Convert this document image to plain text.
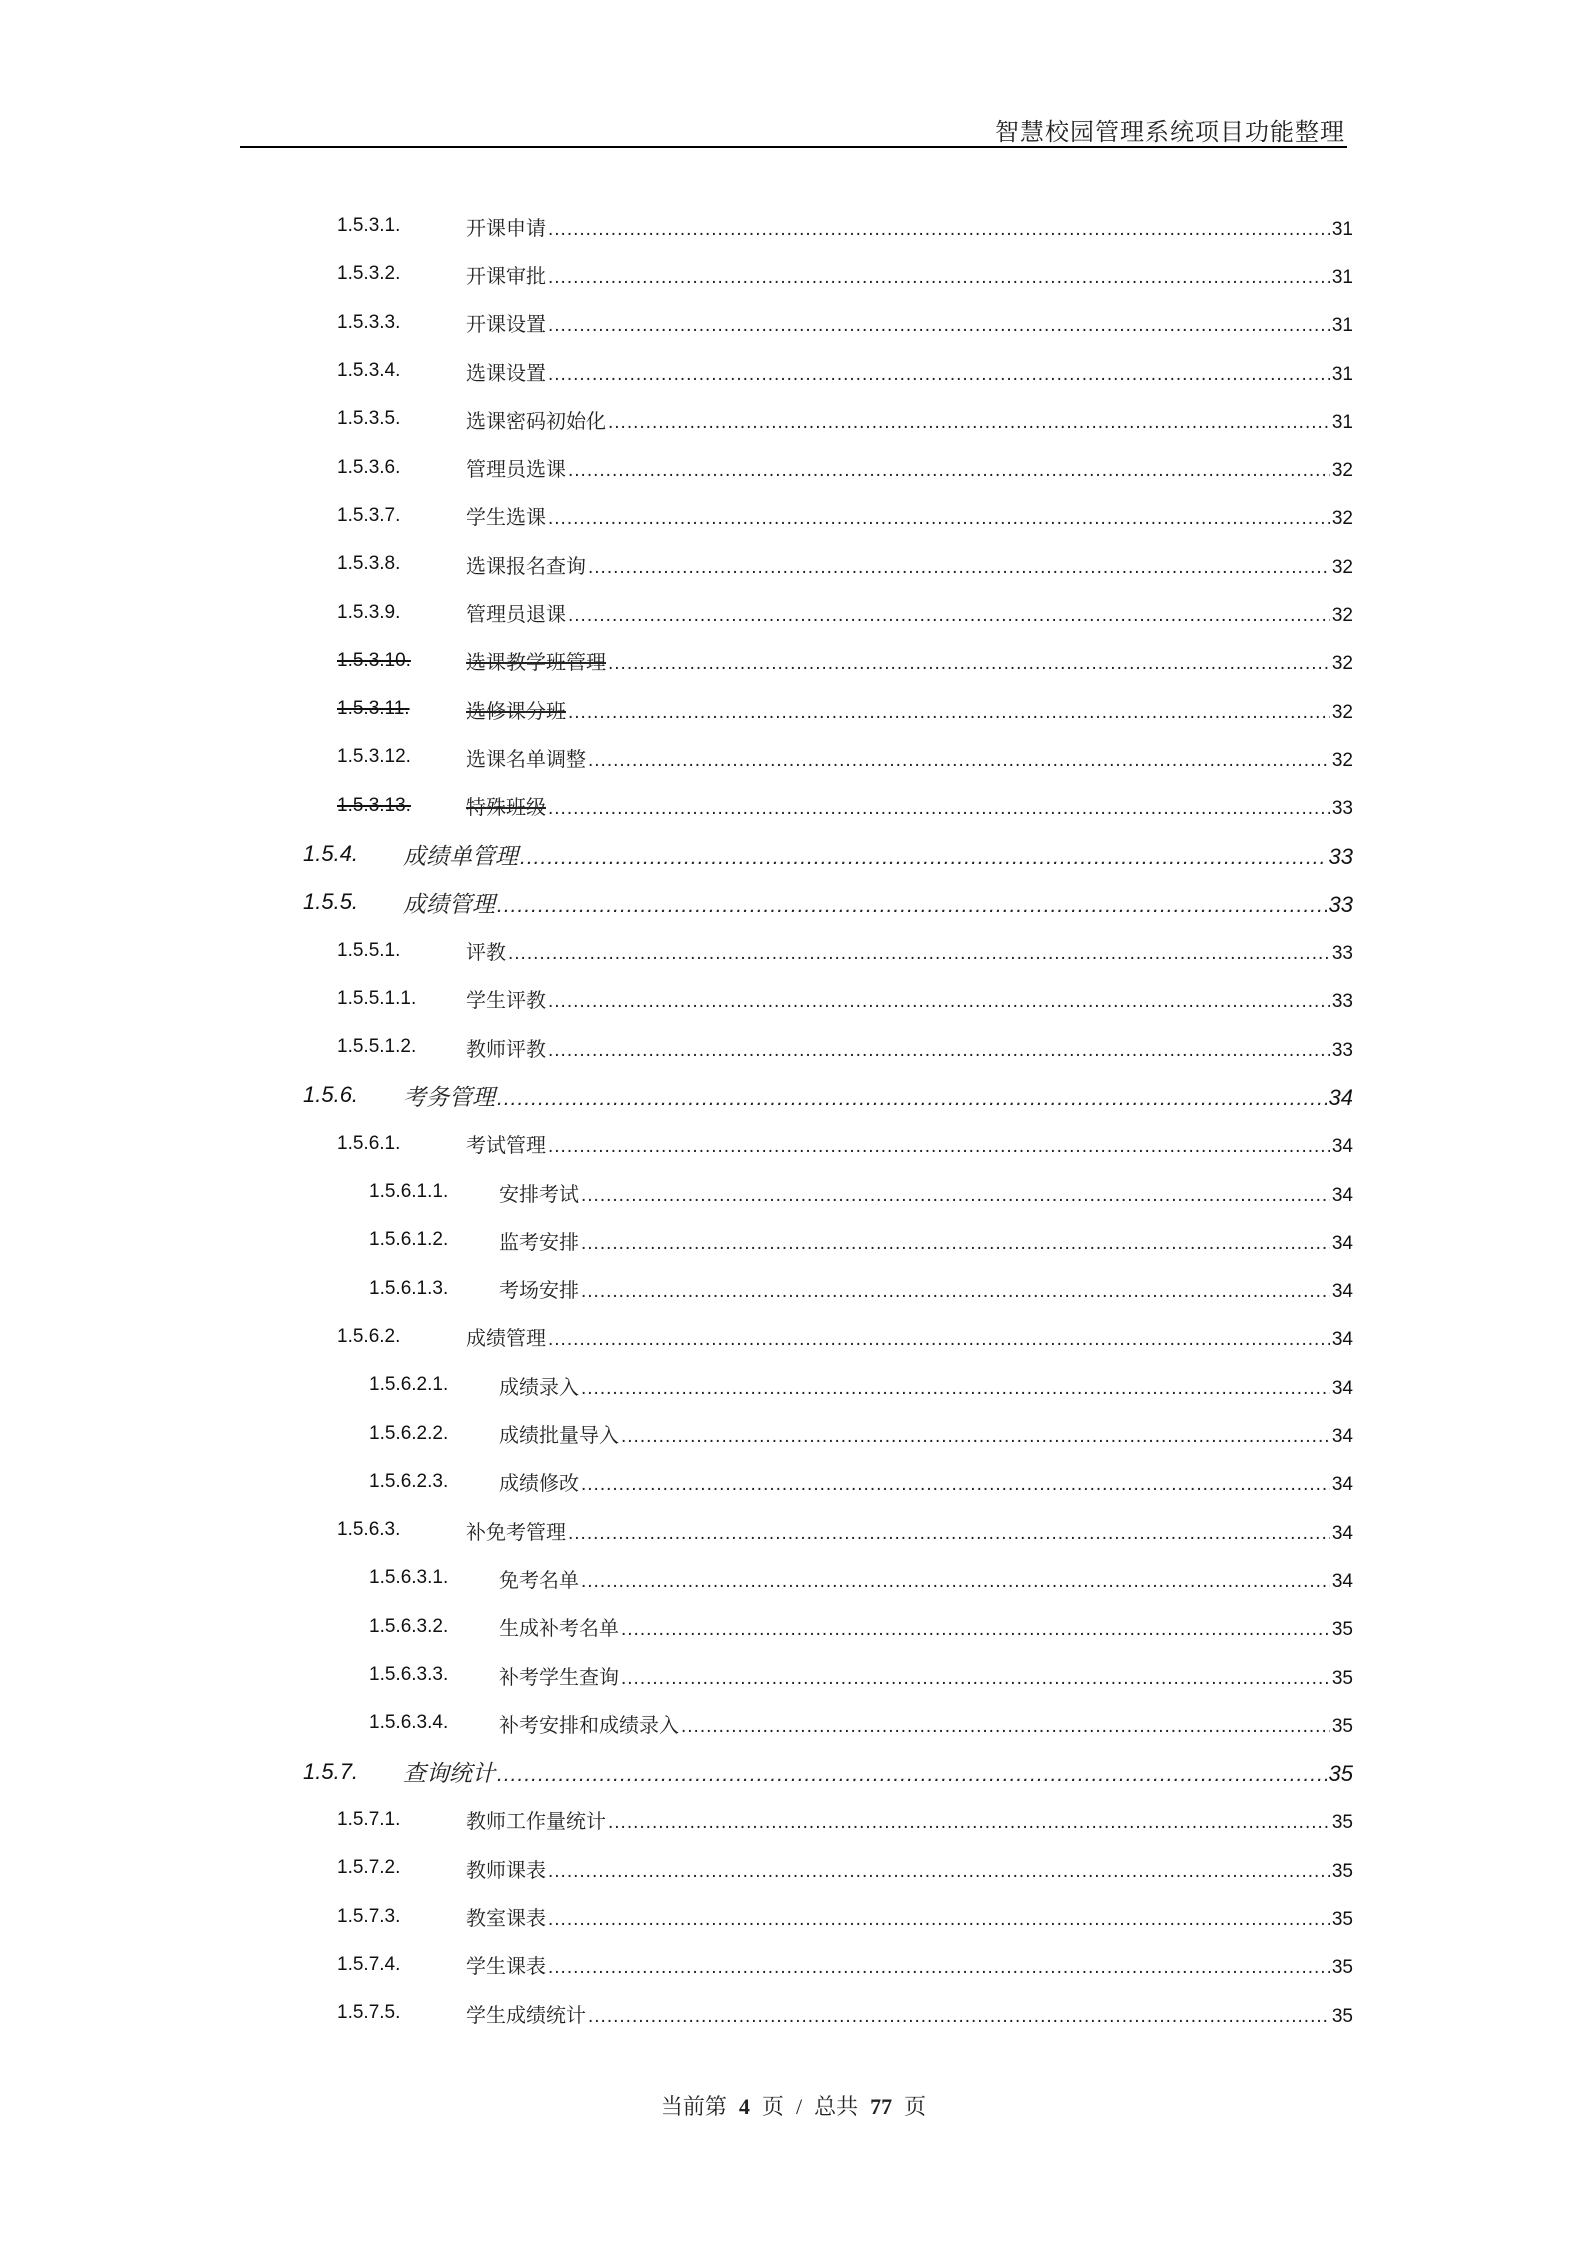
智慧校园管理系统项目功能整理
1.5.3.1.	开课申请 .....	31
1.5.3.2.	开课审批 .....	31
1.5.3.3.	开课设置 .....	31
1.5.3.4.	选课设置 .....	31
1.5.3.5.	选课密码初始化 .....	31
1.5.3.6.	管理员选课 .....	32
1.5.3.7.	学生选课 .....	32
1.5.3.8.	选课报名查询 .....	32
1.5.3.9.	管理员退课 .....	32
1.5.3.10.	选课教学班管理 .....	32
1.5.3.11.	选修课分班 .....	32
1.5.3.12.	选课名单调整 .....	32
1.5.3.13.	特殊班级 .....	33
1.5.4. 成绩单管理 .....	33
1.5.5. 成绩管理 .....	33
1.5.5.1.	评教 .....	33
1.5.5.1.1. 学生评教 .....	33
1.5.5.1.2. 教师评教 .....	33
1.5.6. 考务管理 .....	34
1.5.6.1.	考试管理 .....	34
1.5.6.1.1.	安排考试 .....	34
1.5.6.1.2.	监考安排 .....	34
1.5.6.1.3.	考场安排 .....	34
1.5.6.2.	成绩管理 .....	34
1.5.6.2.1.	成绩录入 .....	34
1.5.6.2.2.	成绩批量导入 .....	34
1.5.6.2.3.	成绩修改 .....	34
1.5.6.3.	补免考管理 .....	34
1.5.6.3.1.	免考名单 .....	34
1.5.6.3.2.	生成补考名单 .....	35
1.5.6.3.3.	补考学生查询 .....	35
1.5.6.3.4.	补考安排和成绩录入 .....	35
1.5.7. 查询统计 .....	35
1.5.7.1.	教师工作量统计 .....	35
1.5.7.2.	教师课表 .....	35
1.5.7.3.	教室课表 .....	35
1.5.7.4.	学生课表 .....	35
1.5.7.5.	学生成绩统计 .....	35
当前第 4 页 / 总共 77 页
